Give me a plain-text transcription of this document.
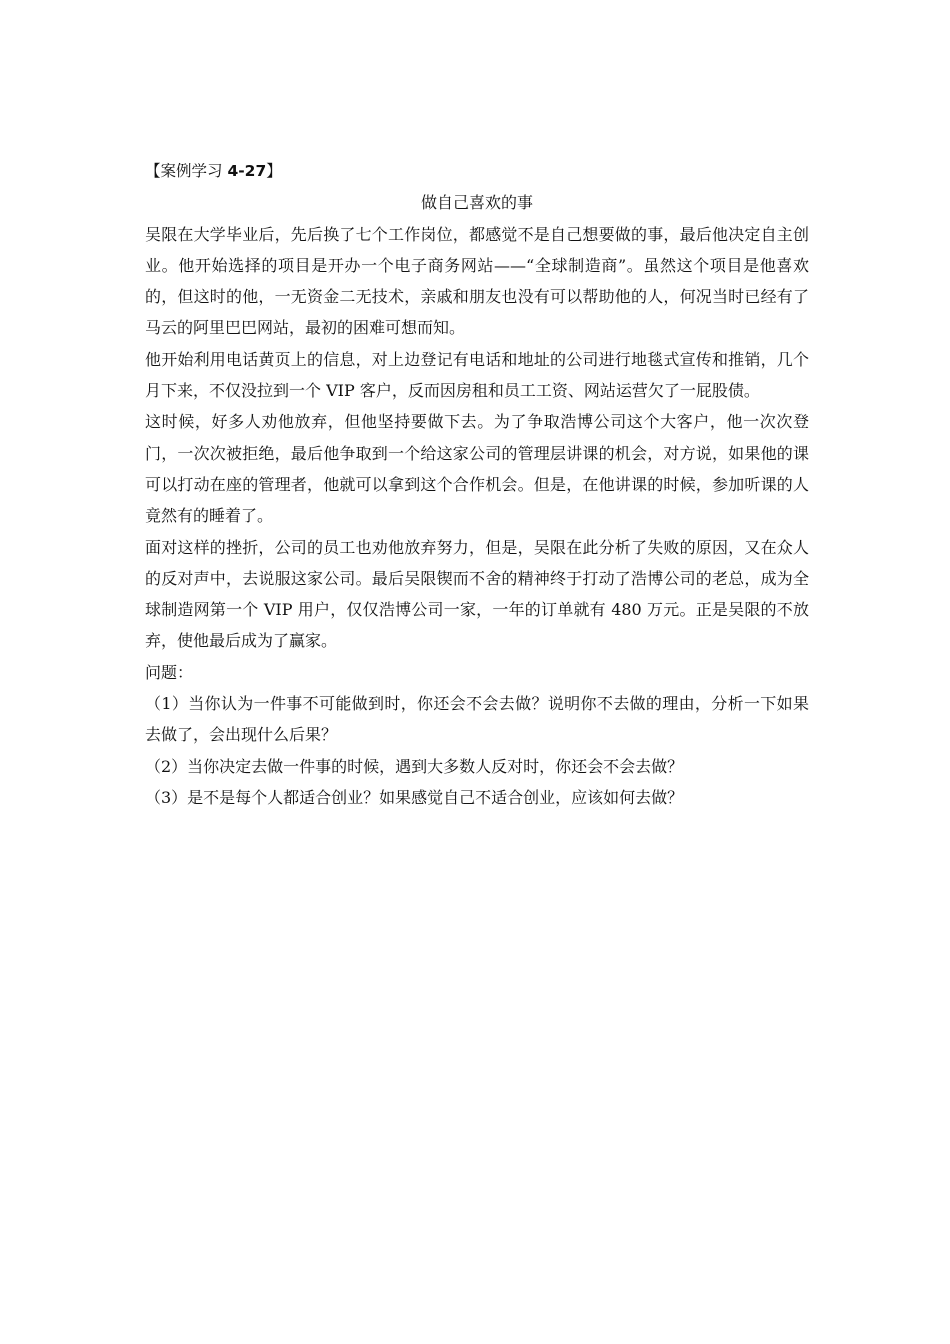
【案例学习 4-27】

做自己喜欢的事

吴限在大学毕业后，先后换了七个工作岗位，都感觉不是自己想要做的事，最后他决定自主创业。他开始选择的项目是开办一个电子商务网站——“全球制造商”。虽然这个项目是他喜欢的，但这时的他，一无资金二无技术，亲戚和朋友也没有可以帮助他的人，何况当时已经有了马云的阿里巴巴网站，最初的困难可想而知。

他开始利用电话黄页上的信息，对上边登记有电话和地址的公司进行地毯式宣传和推销，几个月下来，不仅没拉到一个 VIP 客户，反而因房租和员工工资、网站运营欠了一屁股债。

这时候，好多人劝他放弃，但他坚持要做下去。为了争取浩博公司这个大客户，他一次次登门，一次次被拒绝，最后他争取到一个给这家公司的管理层讲课的机会，对方说，如果他的课可以打动在座的管理者，他就可以拿到这个合作机会。但是，在他讲课的时候，参加听课的人竟然有的睡着了。

面对这样的挫折，公司的员工也劝他放弃努力，但是，吴限在此分析了失败的原因，又在众人的反对声中，去说服这家公司。最后吴限锲而不舍的精神终于打动了浩博公司的老总，成为全球制造网第一个 VIP 用户，仅仅浩博公司一家，一年的订单就有 480 万元。正是吴限的不放弃，使他最后成为了赢家。

问题：

（1）当你认为一件事不可能做到时，你还会不会去做？说明你不去做的理由，分析一下如果去做了，会出现什么后果？

（2）当你决定去做一件事的时候，遇到大多数人反对时，你还会不会去做？

（3）是不是每个人都适合创业？如果感觉自己不适合创业，应该如何去做？
